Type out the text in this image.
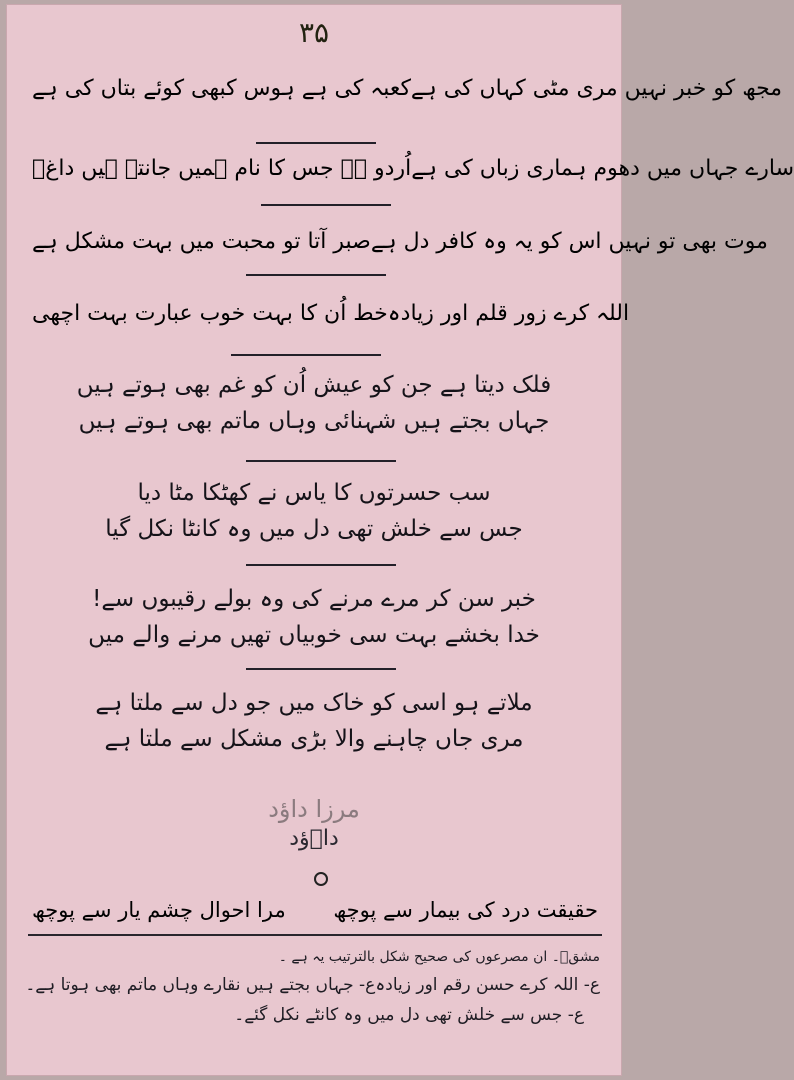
۳۵
کعبہ کی ہے ہوس کبھی کوئے بتاں کی ہے مجھ کو خبر نہیں مری مٹی کہاں کی ہے
اُردو ہے جس کا نام ہمیں جانتے ہیں داغؔ سارے جہاں میں دھوم ہماری زباں کی ہے
صبر آتا تو محبت میں بہت مشکل ہے موت بھی تو نہیں اس کو یہ وہ کافر دل ہے
خط اُن کا بہت خوب عبارت بہت اچھی اللہ کرے زور قلم اور زیادہ
فلک دیتا ہے جن کو عیش اُن کو غم بھی ہوتے ہیں
جہاں بجتے ہیں شہنائی وہاں ماتم بھی ہوتے ہیں
سب حسرتوں کا یاس نے کھٹکا مٹا دیا
جس سے خلش تھی دل میں وہ کانٹا نکل گیا
خبر سن کر مرے مرنے کی وہ بولے رقیبوں سے!
خدا بخشے بہت سی خوبیاں تھیں مرنے والے میں
ملاتے ہو اسی کو خاک میں جو دل سے ملتا ہے
مری جاں چاہنے والا بڑی مشکل سے ملتا ہے
مرزا داؤد
داؔؤد
مرا احوال چشم یار سے پوچھ حقیقت درد کی بیمار سے پوچھ
مشقؔ۔ ان مصرعوں کی صحیح شکل بالترتیب یہ ہے ۔
ع- اللہ کرے حسن رقم اور زیادہ
ع- جہاں بجتے ہیں نقارے وہاں ماتم بھی ہوتا ہے۔
ع- جس سے خلش تھی دل میں وہ کانٹے نکل گئے۔
